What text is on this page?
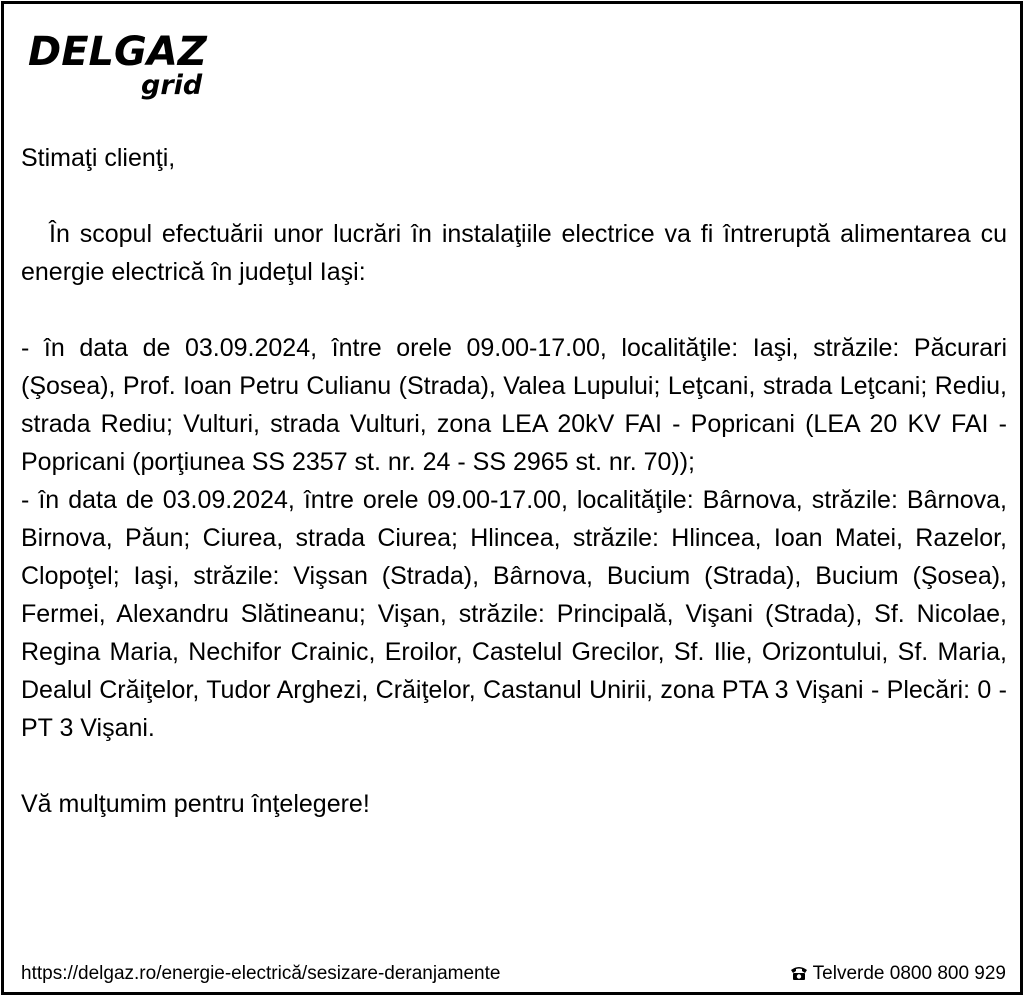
DELGAZ
grid

Stimaţi clienţi,

În scopul efectuării unor lucrări în instalaţiile electrice va fi întreruptă alimentarea cu energie electrică în judeţul Iaşi:

- în data de 03.09.2024, între orele 09.00-17.00, localităţile: Iaşi, străzile: Păcurari (Şosea), Prof. Ioan Petru Culianu (Strada), Valea Lupului; Leţcani, strada Leţcani; Rediu, strada Rediu; Vulturi, strada Vulturi, zona LEA 20kV FAI - Popricani (LEA 20 KV FAI - Popricani (porţiunea SS 2357 st. nr. 24 - SS 2965 st. nr. 70));

- în data de 03.09.2024, între orele 09.00-17.00, localităţile: Bârnova, străzile: Bârnova, Birnova, Păun; Ciurea, strada Ciurea; Hlincea, străzile: Hlincea, Ioan Matei, Razelor, Clopoţel; Iaşi, străzile: Vişsan (Strada), Bârnova, Bucium (Strada), Bucium (Şosea), Fermei, Alexandru Slătineanu; Vişan, străzile: Principală, Vişani (Strada), Sf. Nicolae, Regina Maria, Nechifor Crainic, Eroilor, Castelul Grecilor, Sf. Ilie, Orizontului, Sf. Maria, Dealul Crăiţelor, Tudor Arghezi, Crăiţelor, Castanul Unirii, zona PTA 3 Vişani - Plecări: 0 - PT 3 Vişani.

Vă mulţumim pentru înţelegere!

https://delgaz.ro/energie-electrică/sesizare-deranjamente	Telverde 0800 800 929
